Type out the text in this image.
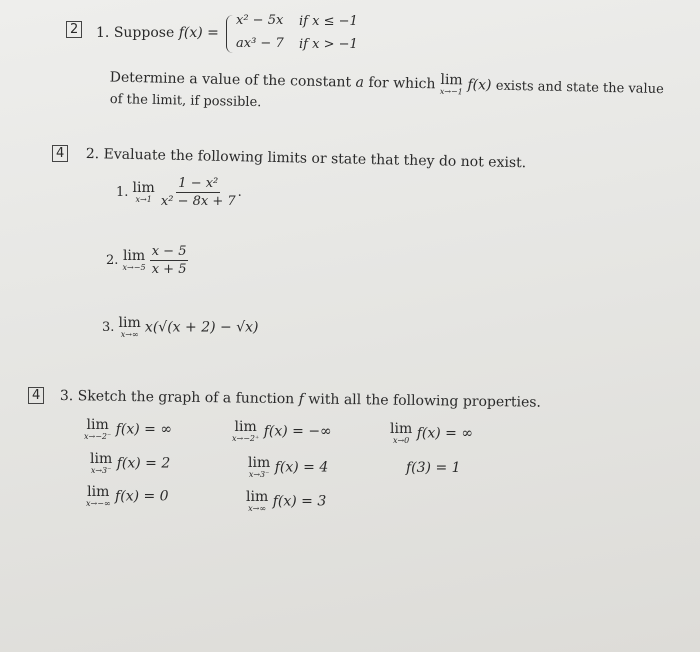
2 1. Suppose f(x) =
x² − 5x if x ≤ −1
ax³ − 7 if x > −1
Determine a value of the constant a for which lim
x→−1 f(x) exists and state the value
of the limit, if possible.
4 2. Evaluate the following limits or state that they do not exist.
1. lim
x→1
$\frac{\text{1 − x²}}{\text{x² − 8x + 7}}$ .
2. lim
x→−5
$\frac{x - 5}{x + 5}$
3. lim
x→∞ x(√(x + 2) − √x)
4 3. Sketch the graph of a function f with all the following properties.
lim
x→−2⁻ f(x) = ∞	lim
x→−2⁺ f(x) = −∞	lim
x→0 f(x) = ∞
lim
x→3⁻ f(x) = 2	lim
x→3⁻ f(x) = 4	f(3) = 1
lim
x→−∞ f(x) = 0	lim
x→∞ f(x) = 3
